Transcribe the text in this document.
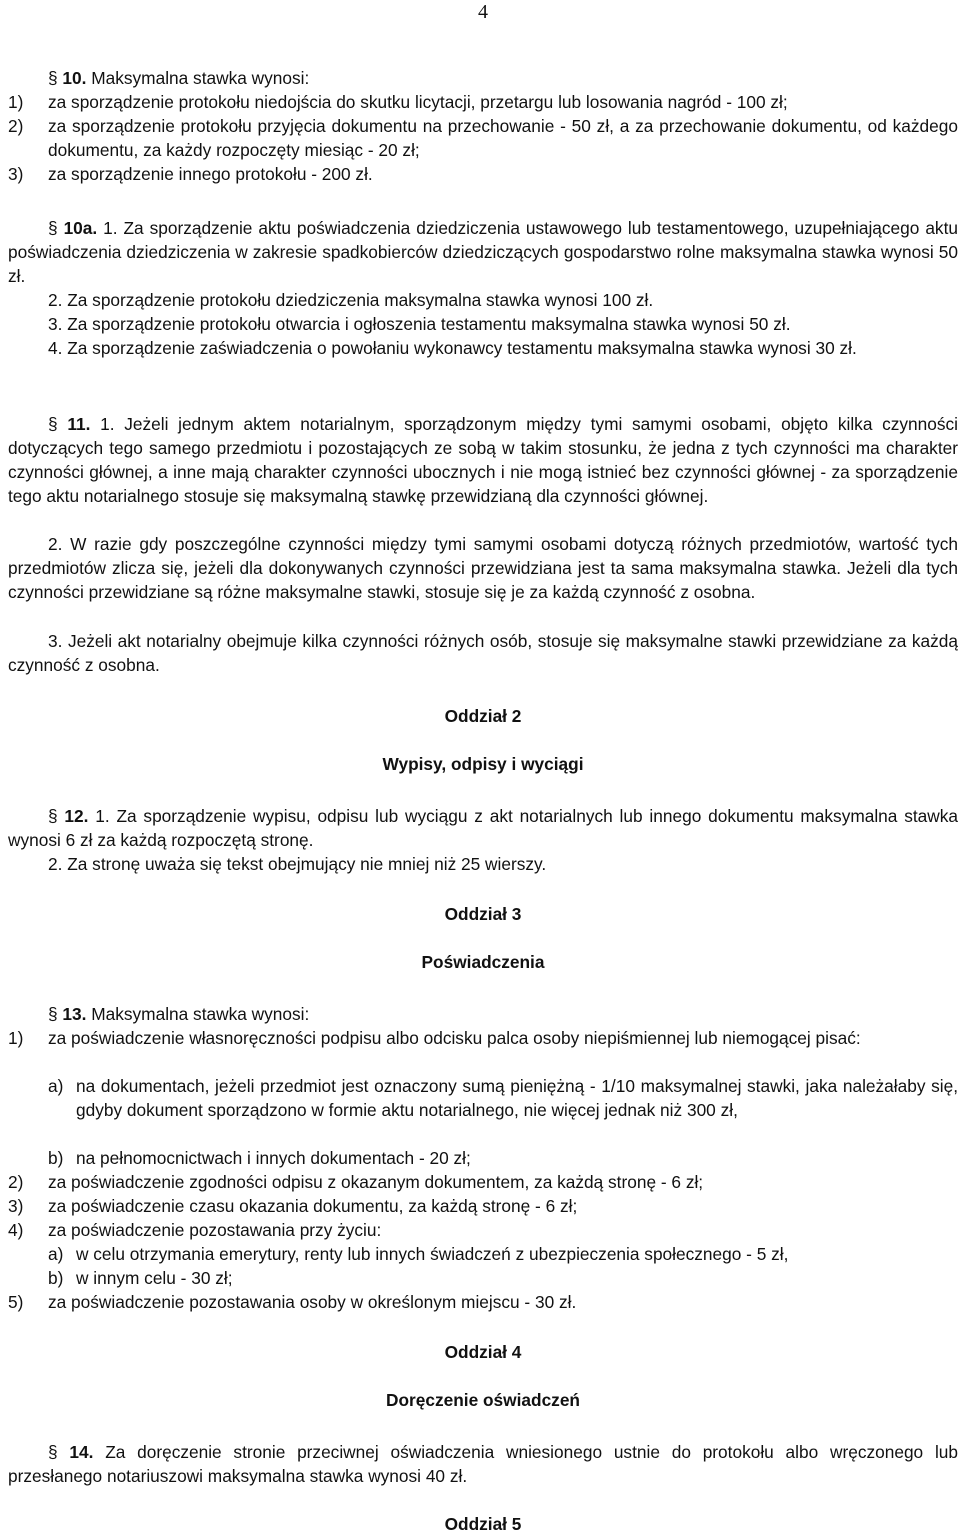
4

§ 10. Maksymalna stawka wynosi:

1) za sporządzenie protokołu niedojścia do skutku licytacji, przetargu lub losowania nagród - 100 zł;
2) za sporządzenie protokołu przyjęcia dokumentu na przechowanie - 50 zł, a za przechowanie dokumentu, od każdego dokumentu, za każdy rozpoczęty miesiąc - 20 zł;
3) za sporządzenie innego protokołu - 200 zł.

§ 10a. 1. Za sporządzenie aktu poświadczenia dziedziczenia ustawowego lub testamentowego, uzupełniającego aktu poświadczenia dziedziczenia w zakresie spadkobierców dziedziczących gospodarstwo rolne maksymalna stawka wynosi 50 zł.

2. Za sporządzenie protokołu dziedziczenia maksymalna stawka wynosi 100 zł.

3. Za sporządzenie protokołu otwarcia i ogłoszenia testamentu maksymalna stawka wynosi 50 zł.

4. Za sporządzenie zaświadczenia o powołaniu wykonawcy testamentu maksymalna stawka wynosi 30 zł.

§ 11. 1. Jeżeli jednym aktem notarialnym, sporządzonym między tymi samymi osobami, objęto kilka czynności dotyczących tego samego przedmiotu i pozostających ze sobą w takim stosunku, że jedna z tych czynności ma charakter czynności głównej, a inne mają charakter czynności ubocznych i nie mogą istnieć bez czynności głównej - za sporządzenie tego aktu notarialnego stosuje się maksymalną stawkę przewidzianą dla czynności głównej.

2. W razie gdy poszczególne czynności między tymi samymi osobami dotyczą różnych przedmiotów, wartość tych przedmiotów zlicza się, jeżeli dla dokonywanych czynności przewidziana jest ta sama maksymalna stawka. Jeżeli dla tych czynności przewidziane są różne maksymalne stawki, stosuje się je za każdą czynność z osobna.

3. Jeżeli akt notarialny obejmuje kilka czynności różnych osób, stosuje się maksymalne stawki przewidziane za każdą czynność z osobna.

Oddział 2

Wypisy, odpisy i wyciągi

§ 12. 1. Za sporządzenie wypisu, odpisu lub wyciągu z akt notarialnych lub innego dokumentu maksymalna stawka wynosi 6 zł za każdą rozpoczętą stronę.

2. Za stronę uważa się tekst obejmujący nie mniej niż 25 wierszy.

Oddział 3

Poświadczenia

§ 13. Maksymalna stawka wynosi:

1) za poświadczenie własnoręczności podpisu albo odcisku palca osoby niepiśmiennej lub niemogącej pisać:
a) na dokumentach, jeżeli przedmiot jest oznaczony sumą pieniężną - 1/10 maksymalnej stawki, jaka należałaby się, gdyby dokument sporządzono w formie aktu notarialnego, nie więcej jednak niż 300 zł,
b) na pełnomocnictwach i innych dokumentach - 20 zł;
2) za poświadczenie zgodności odpisu z okazanym dokumentem, za każdą stronę - 6 zł;
3) za poświadczenie czasu okazania dokumentu, za każdą stronę - 6 zł;
4) za poświadczenie pozostawania przy życiu:
a) w celu otrzymania emerytury, renty lub innych świadczeń z ubezpieczenia społecznego - 5 zł,
b) w innym celu - 30 zł;
5) za poświadczenie pozostawania osoby w określonym miejscu - 30 zł.

Oddział 4

Doręczenie oświadczeń

§ 14. Za doręczenie stronie przeciwnej oświadczenia wniesionego ustnie do protokołu albo wręczonego lub przesłanego notariuszowi maksymalna stawka wynosi 40 zł.

Oddział 5
